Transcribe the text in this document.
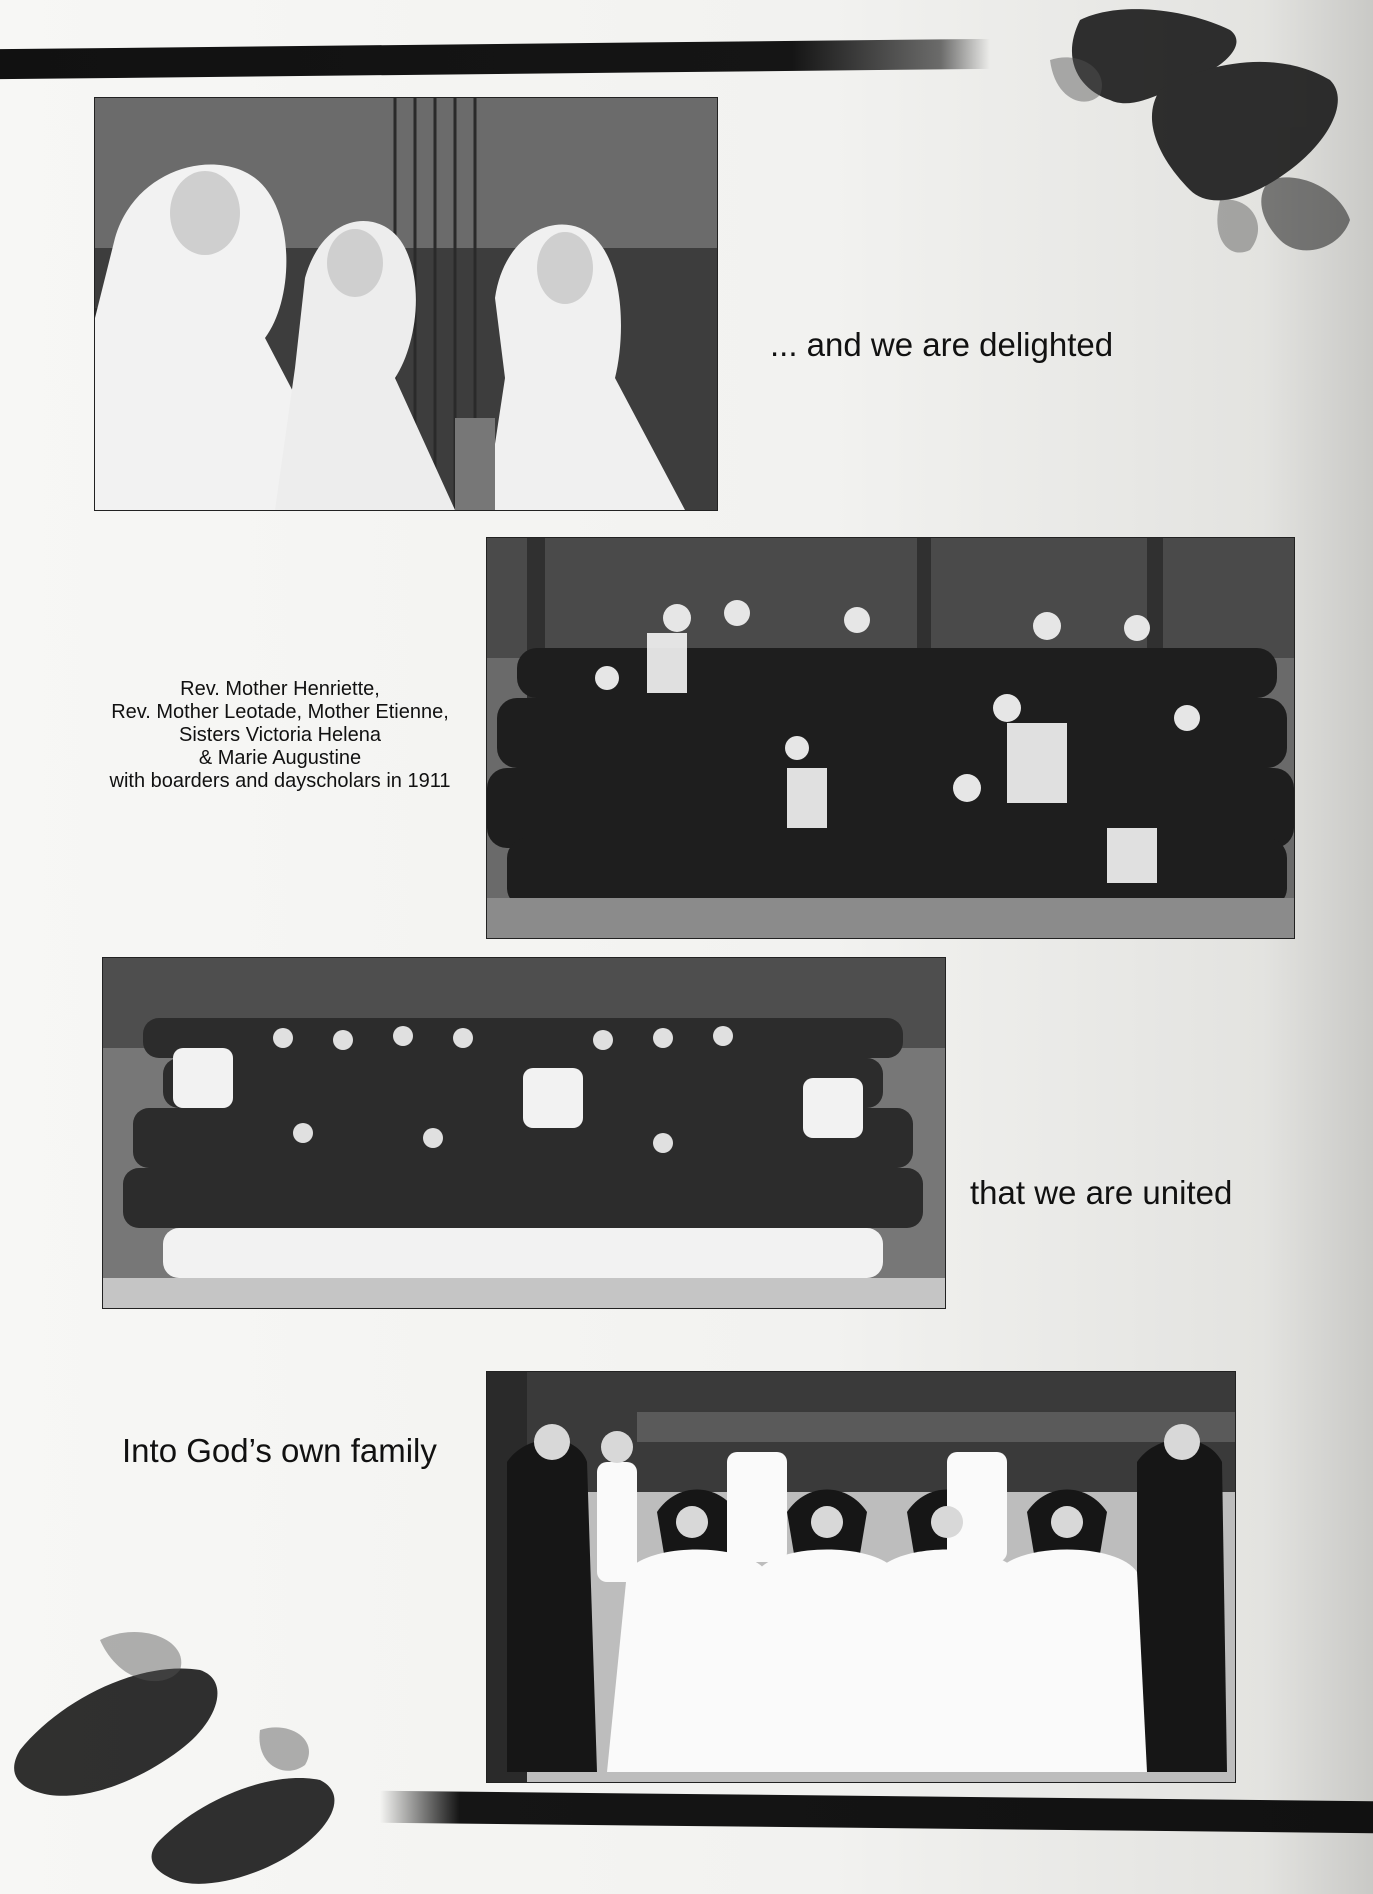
... and we are delighted
Rev. Mother Henriette,
Rev. Mother Leotade, Mother Etienne,
Sisters Victoria Helena
& Marie Augustine
with boarders and dayscholars in 1911
that we are united
Into God’s own family
